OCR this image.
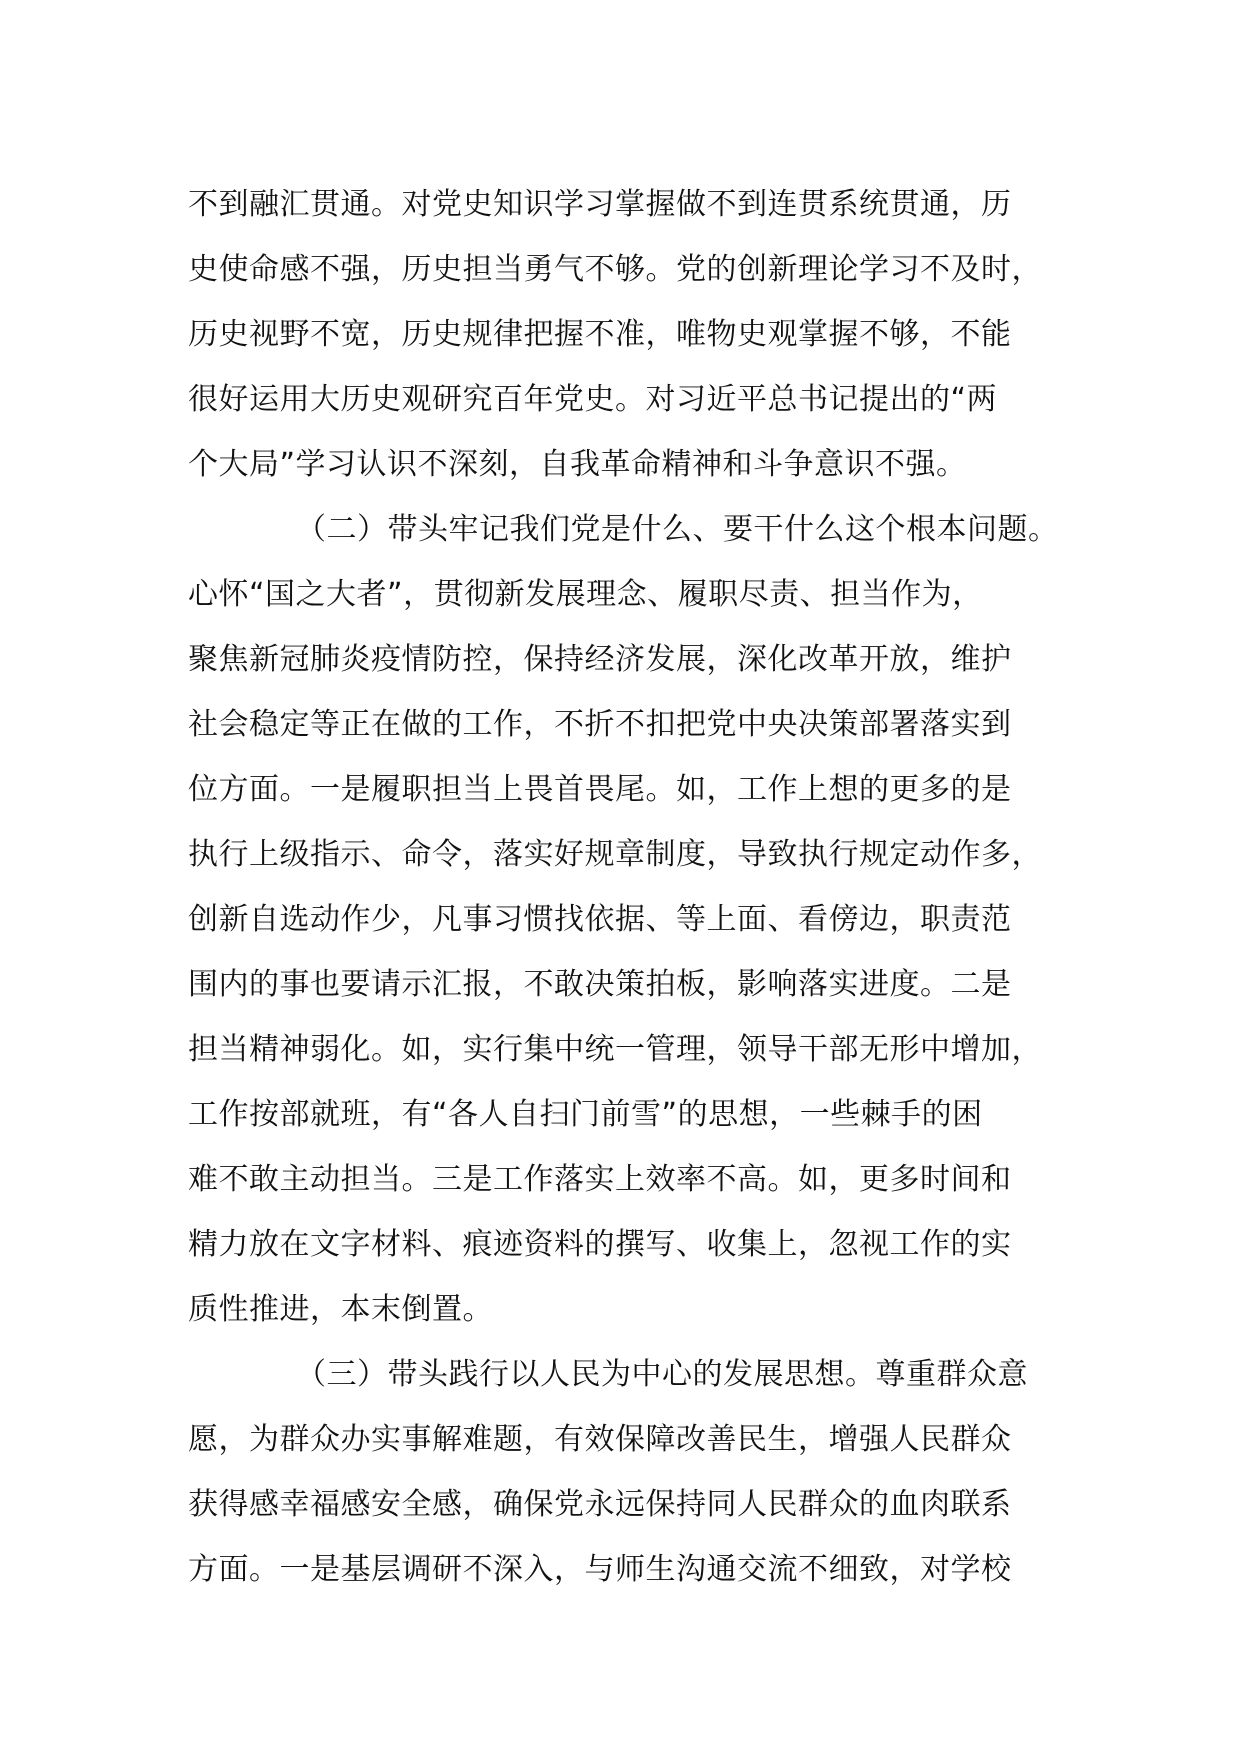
不到融汇贯通。对党史知识学习掌握做不到连贯系统贯通，历
史使命感不强，历史担当勇气不够。党的创新理论学习不及时，
历史视野不宽，历史规律把握不准，唯物史观掌握不够，不能
很好运用大历史观研究百年党史。对习近平总书记提出的“两
个大局”学习认识不深刻，自我革命精神和斗争意识不强。
（二）带头牢记我们党是什么、要干什么这个根本问题。
心怀“国之大者”，贯彻新发展理念、履职尽责、担当作为，
聚焦新冠肺炎疫情防控，保持经济发展，深化改革开放，维护
社会稳定等正在做的工作，不折不扣把党中央决策部署落实到
位方面。一是履职担当上畏首畏尾。如，工作上想的更多的是
执行上级指示、命令，落实好规章制度，导致执行规定动作多，
创新自选动作少，凡事习惯找依据、等上面、看傍边，职责范
围内的事也要请示汇报，不敢决策拍板，影响落实进度。二是
担当精神弱化。如，实行集中统一管理，领导干部无形中增加，
工作按部就班，有“各人自扫门前雪”的思想，一些棘手的困
难不敢主动担当。三是工作落实上效率不高。如，更多时间和
精力放在文字材料、痕迹资料的撰写、收集上，忽视工作的实
质性推进，本末倒置。
（三）带头践行以人民为中心的发展思想。尊重群众意
愿，为群众办实事解难题，有效保障改善民生，增强人民群众
获得感幸福感安全感，确保党永远保持同人民群众的血肉联系
方面。一是基层调研不深入，与师生沟通交流不细致，对学校
